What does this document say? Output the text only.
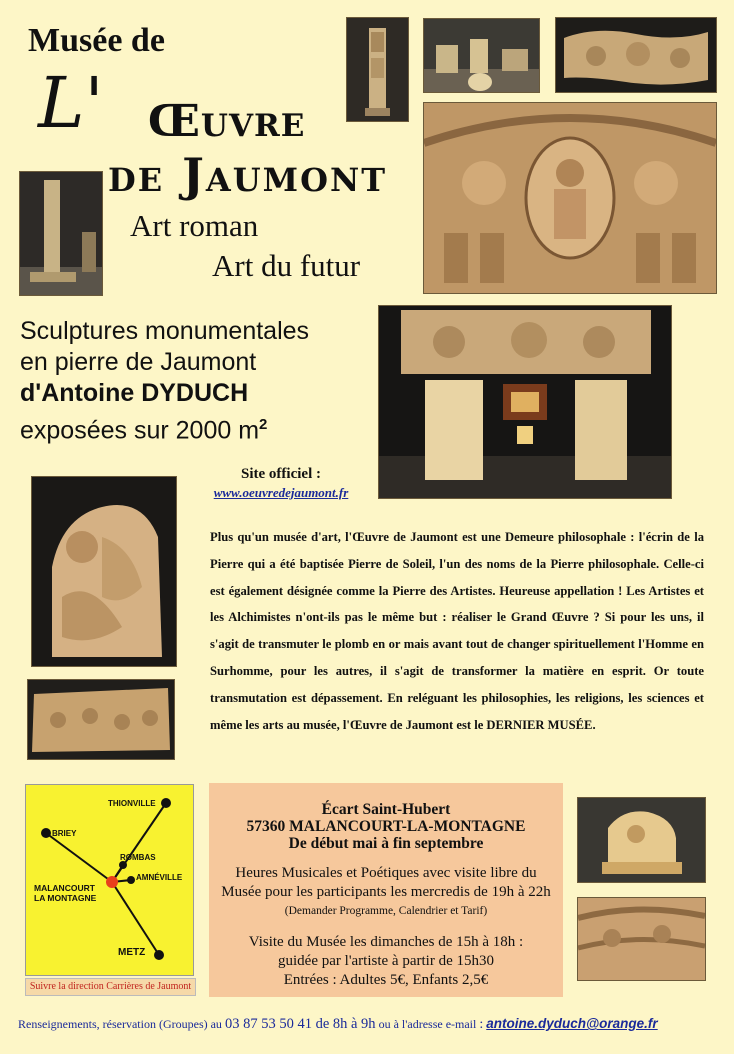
Musée de
L' Œuvre
de Jaumont
Art roman
Art du futur
Sculptures monumentales
en pierre de Jaumont
d'Antoine DYDUCH
exposées sur 2000 $m^2$
Site officiel :
www.oeuvredejaumont.fr
Plus qu'un musée d'art, l'Œuvre de Jaumont est une Demeure philosophale : l'écrin de la Pierre qui a été baptisée Pierre de Soleil, l'un des noms de la Pierre philosophale. Celle-ci est également désignée comme la Pierre des Artistes. Heureuse appellation ! Les Artistes et les Alchimistes n'ont-ils pas le même but : réaliser le Grand Œuvre ? Si pour les uns, il s'agit de transmuter le plomb en or mais avant tout de changer spirituellement l'Homme en Surhomme, pour les autres, il s'agit de transformer la matière en esprit. Or toute transmutation est dépassement. En reléguant les philosophies, les religions, les sciences et même les arts au musée, l'Œuvre de Jaumont est le DERNIER MUSÉE.
THIONVILLE
BRIEY
ROMBAS
AMNÉVILLE
MALANCOURT
LA MONTAGNE
METZ
Suivre la direction Carrières de Jaumont
Écart Saint-Hubert
57360 MALANCOURT-LA-MONTAGNE
De début mai à fin septembre
Heures Musicales et Poétiques avec visite libre du
Musée pour les participants les mercredis de 19h à 22h
(Demander Programme, Calendrier et Tarif)
Visite du Musée les dimanches de 15h à 18h :
guidée par l'artiste à partir de 15h30
Entrées : Adultes 5€, Enfants 2,5€
Renseignements, réservation (Groupes) au 03 87 53 50 41 de 8h à 9h ou à l'adresse e-mail : antoine.dyduch@orange.fr
